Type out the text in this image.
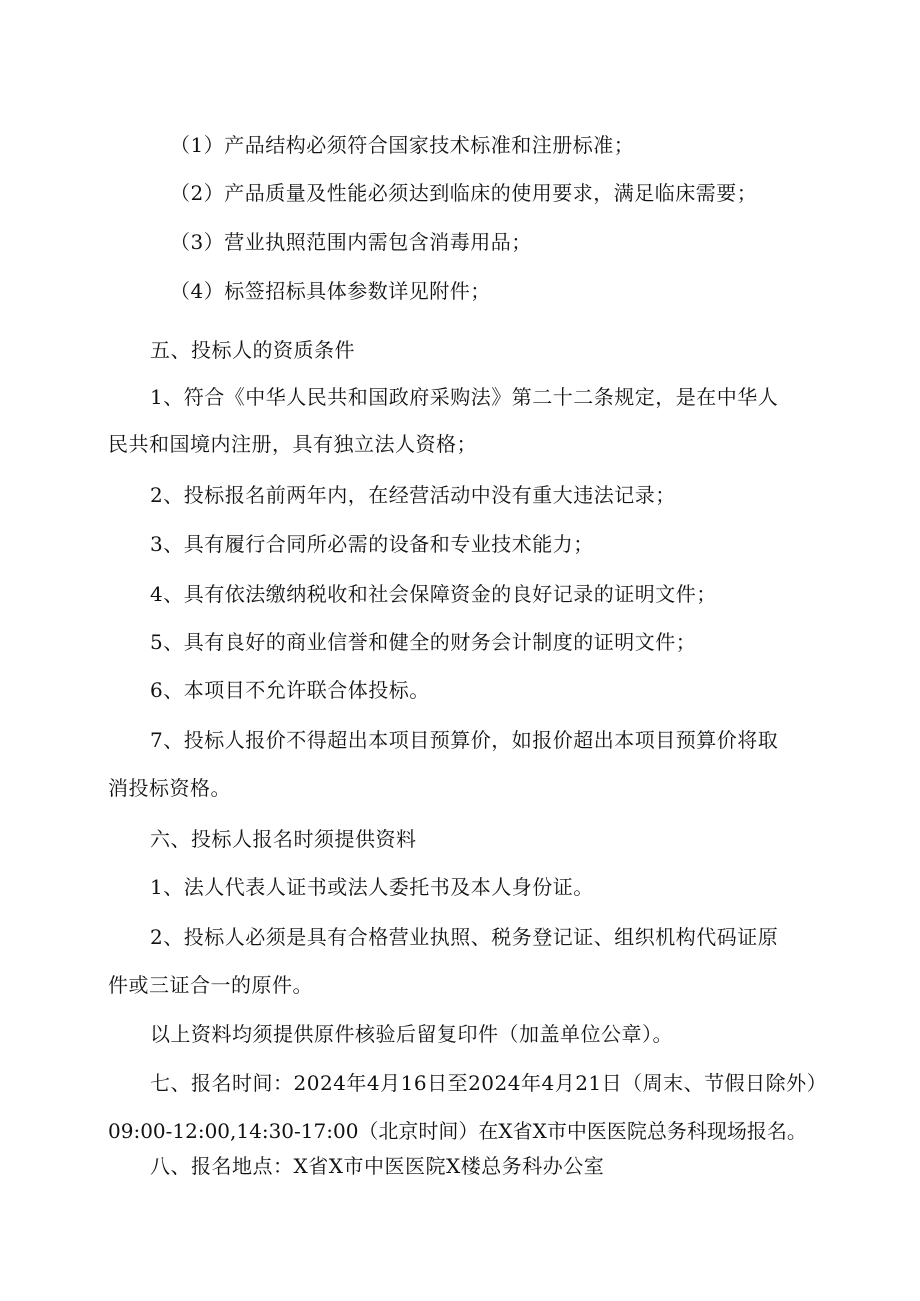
（1）产品结构必须符合国家技术标准和注册标准；
（2）产品质量及性能必须达到临床的使用要求，满足临床需要；
（3）营业执照范围内需包含消毒用品；
（4）标签招标具体参数详见附件；
五、投标人的资质条件
1、符合《中华人民共和国政府采购法》第二十二条规定，是在中华人
民共和国境内注册，具有独立法人资格；
2、投标报名前两年内，在经营活动中没有重大违法记录；
3、具有履行合同所必需的设备和专业技术能力；
4、具有依法缴纳税收和社会保障资金的良好记录的证明文件；
5、具有良好的商业信誉和健全的财务会计制度的证明文件；
6、本项目不允许联合体投标。
7、投标人报价不得超出本项目预算价，如报价超出本项目预算价将取
消投标资格。
六、投标人报名时须提供资料
1、法人代表人证书或法人委托书及本人身份证。
2、投标人必须是具有合格营业执照、税务登记证、组织机构代码证原
件或三证合一的原件。
以上资料均须提供原件核验后留复印件（加盖单位公章）。
七、报名时间：2024年4月16日至2024年4月21日（周末、节假日除外）
09:00-12:00,14:30-17:00（北京时间）在X省X市中医医院总务科现场报名。
八、报名地点：X省X市中医医院X楼总务科办公室
